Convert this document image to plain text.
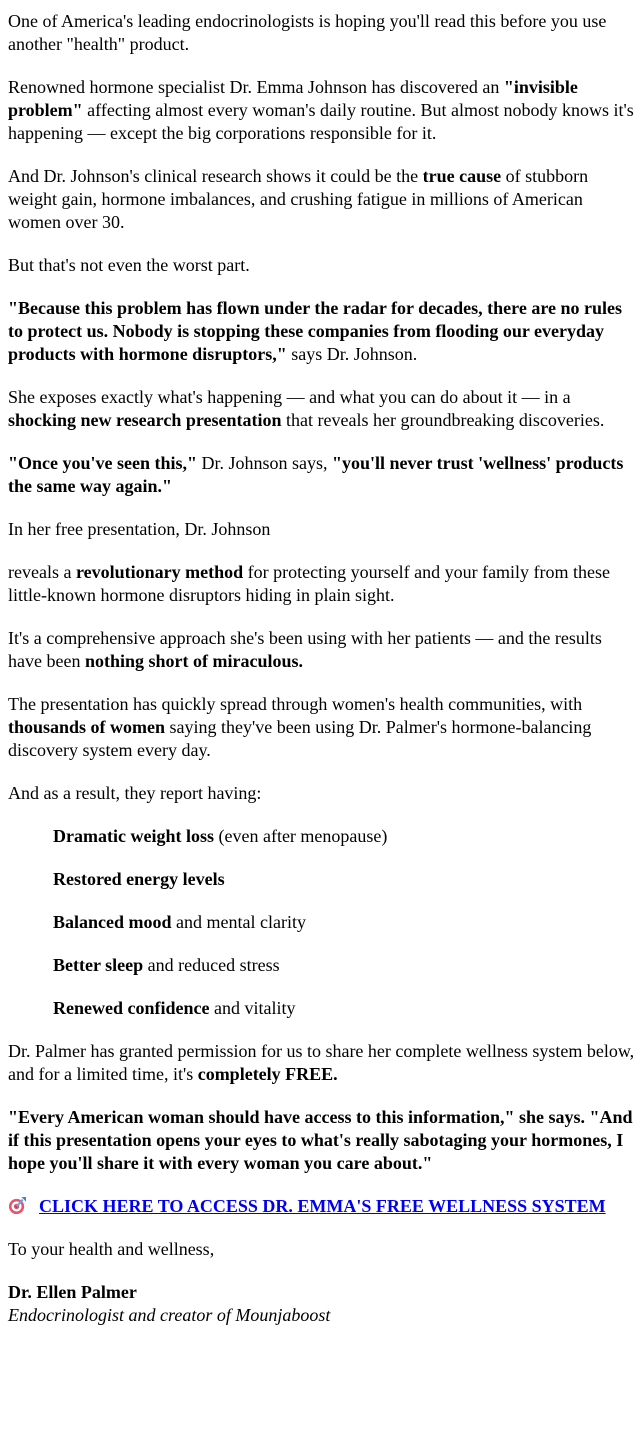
One of America's leading endocrinologists is hoping you'll read this before you use another "health" product.

Renowned hormone specialist Dr. Emma Johnson has discovered an "invisible problem" affecting almost every woman's daily routine. But almost nobody knows it's happening — except the big corporations responsible for it.

And Dr. Johnson's clinical research shows it could be the true cause of stubborn weight gain, hormone imbalances, and crushing fatigue in millions of American women over 30.

But that's not even the worst part.

"Because this problem has flown under the radar for decades, there are no rules to protect us. Nobody is stopping these companies from flooding our everyday products with hormone disruptors," says Dr. Johnson.

She exposes exactly what's happening — and what you can do about it — in a shocking new research presentation that reveals her groundbreaking discoveries.

"Once you've seen this," Dr. Johnson says, "you'll never trust 'wellness' products the same way again."

In her free presentation, Dr. Johnson

reveals a revolutionary method for protecting yourself and your family from these little-known hormone disruptors hiding in plain sight.

It's a comprehensive approach she's been using with her patients — and the results have been nothing short of miraculous.

The presentation has quickly spread through women's health communities, with thousands of women saying they've been using Dr. Palmer's hormone-balancing discovery system every day.

And as a result, they report having:

Dramatic weight loss (even after menopause)

Restored energy levels

Balanced mood and mental clarity

Better sleep and reduced stress

Renewed confidence and vitality

Dr. Palmer has granted permission for us to share her complete wellness system below, and for a limited time, it's completely FREE.

"Every American woman should have access to this information," she says. "And if this presentation opens your eyes to what's really sabotaging your hormones, I hope you'll share it with every woman you care about."

CLICK HERE TO ACCESS DR. EMMA'S FREE WELLNESS SYSTEM

To your health and wellness,

Dr. Ellen Palmer
Endocrinologist and creator of Mounjaboost
